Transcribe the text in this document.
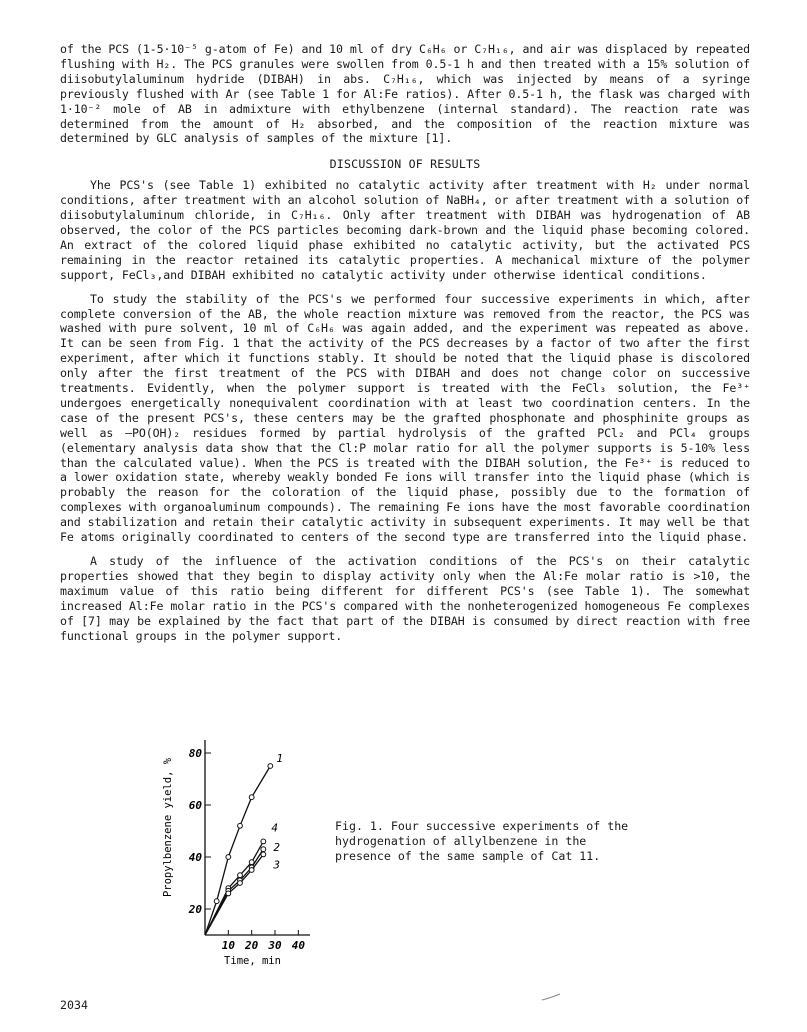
of the PCS (1-5·10⁻⁵ g-atom of Fe) and 10 ml of dry C₆H₆ or C₇H₁₆, and air was displaced by repeated flushing with H₂. The PCS granules were swollen from 0.5-1 h and then treated with a 15% solution of diisobutylaluminum hydride (DIBAH) in abs. C₇H₁₆, which was injected by means of a syringe previously flushed with Ar (see Table 1 for Al:Fe ratios). After 0.5-1 h, the flask was charged with 1·10⁻² mole of AB in admixture with ethylbenzene (internal standard). The reaction rate was determined from the amount of H₂ absorbed, and the composition of the reaction mixture was determined by GLC analysis of samples of the mixture [1].

DISCUSSION OF RESULTS

Yhe PCS's (see Table 1) exhibited no catalytic activity after treatment with H₂ under normal conditions, after treatment with an alcohol solution of NaBH₄, or after treatment with a solution of diisobutylaluminum chloride, in C₇H₁₆. Only after treatment with DIBAH was hydrogenation of AB observed, the color of the PCS particles becoming dark-brown and the liquid phase becoming colored. An extract of the colored liquid phase exhibited no catalytic activity, but the activated PCS remaining in the reactor retained its catalytic properties. A mechanical mixture of the polymer support, FeCl₃,and DIBAH exhibited no catalytic activity under otherwise identical conditions.

To study the stability of the PCS's we performed four successive experiments in which, after complete conversion of the AB, the whole reaction mixture was removed from the reactor, the PCS was washed with pure solvent, 10 ml of C₆H₆ was again added, and the experiment was repeated as above. It can be seen from Fig. 1 that the activity of the PCS decreases by a factor of two after the first experiment, after which it functions stably. It should be noted that the liquid phase is discolored only after the first treatment of the PCS with DIBAH and does not change color on successive treatments. Evidently, when the polymer support is treated with the FeCl₃ solution, the Fe³⁺ undergoes energetically nonequivalent coordination with at least two coordination centers. In the case of the present PCS's, these centers may be the grafted phosphonate and phosphinite groups as well as —PO(OH)₂ residues formed by partial hydrolysis of the grafted PCl₂ and PCl₄ groups (elementary analysis data show that the Cl:P molar ratio for all the polymer supports is 5-10% less than the calculated value). When the PCS is treated with the DIBAH solution, the Fe³⁺ is reduced to a lower oxidation state, whereby weakly bonded Fe ions will transfer into the liquid phase (which is probably the reason for the coloration of the liquid phase, possibly due to the formation of complexes with organoaluminum compounds). The remaining Fe ions have the most favorable coordination and stabilization and retain their catalytic activity in subsequent experiments. It may well be that Fe atoms originally coordinated to centers of the second type are transferred into the liquid phase.

A study of the influence of the activation conditions of the PCS's on their catalytic properties showed that they begin to display activity only when the Al:Fe molar ratio is >10, the maximum value of this ratio being different for different PCS's (see Table 1). The somewhat increased Al:Fe molar ratio in the PCS's compared with the nonheterogenized homogeneous Fe complexes of [7] may be explained by the fact that part of the DIBAH is consumed by direct reaction with free functional groups in the polymer support.

20
40
60
80
10 20 30 40
Time, min
Propylbenzene yield, %	1
4
2
3
Fig. 1. Four successive experiments of the hydrogenation of allylbenzene in the presence of the same sample of Cat 11.
2034
